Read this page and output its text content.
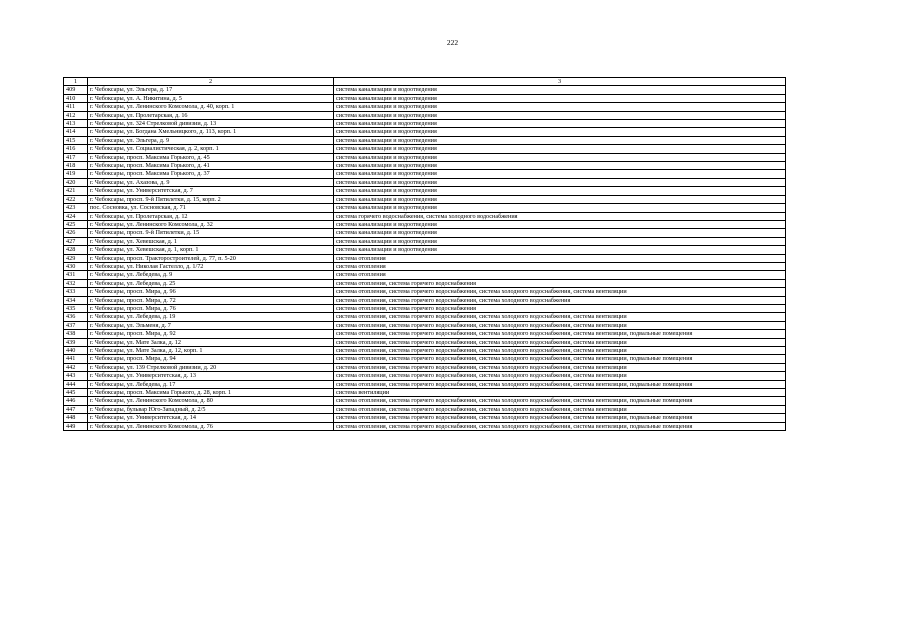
222
1	2	3
409	г. Чебоксары, ул. Эльгера, д. 17	система канализации и водоотведения
410	г. Чебоксары, ул. А. Никитина, д. 5	система канализации и водоотведения
411	г. Чебоксары, ул. Ленинского Комсомола, д. 40, корп. 1	система канализации и водоотведения
412	г. Чебоксары, ул. Пролетарская, д. 16	система канализации и водоотведения
413	г. Чебоксары, ул. 324 Стрелковой дивизии, д. 13	система канализации и водоотведения
414	г. Чебоксары, ул. Богдана Хмельницкого, д. 113, корп. 1	система канализации и водоотведения
415	г. Чебоксары, ул. Эльгера, д. 9	система канализации и водоотведения
416	г. Чебоксары, ул. Социалистическая, д. 2, корп. 1	система канализации и водоотведения
417	г. Чебоксары, просп. Максима Горького, д. 45	система канализации и водоотведения
418	г. Чебоксары, просп. Максима Горького, д. 41	система канализации и водоотведения
419	г. Чебоксары, просп. Максима Горького, д. 37	система канализации и водоотведения
420	г. Чебоксары, ул. Ахазова, д. 9	система канализации и водоотведения
421	г. Чебоксары, ул. Университетская, д. 7	система канализации и водоотведения
422	г. Чебоксары, просп. 9-й Пятилетки, д. 15, корп. 2	система канализации и водоотведения
423	пос. Сосновка, ул. Сосновская, д. 71	система канализации и водоотведения
424	г. Чебоксары, ул. Пролетарская, д. 12	система горячего водоснабжения, система холодного водоснабжения
425	г. Чебоксары, ул. Ленинского Комсомола, д. 32	система канализации и водоотведения
426	г. Чебоксары, просп. 9-й Пятилетки, д. 15	система канализации и водоотведения
427	г. Чебоксары, ул. Хевешская, д. 1	система канализации и водоотведения
428	г. Чебоксары, ул. Хевешская, д. 1, корп. 1	система канализации и водоотведения
429	г. Чебоксары, просп. Тракторостроителей, д. 77, п. 5-20	система отопления
430	г. Чебоксары, ул. Николая Гастелло, д. 1/72	система отопления
431	г. Чебоксары, ул. Лебедева, д. 9	система отопления
432	г. Чебоксары, ул. Лебедева, д. 25	система отопления, система горячего водоснабжения
433	г. Чебоксары, просп. Мира, д. 96	система отопления, система горячего водоснабжения, система холодного водоснабжения, система вентиляции
434	г. Чебоксары, просп. Мира, д. 72	система отопления, система горячего водоснабжения, система холодного водоснабжения
435	г. Чебоксары, просп. Мира, д. 76	система отопления, система горячего водоснабжения
436	г. Чебоксары, ул. Лебедева, д. 19	система отопления, система горячего водоснабжения, система холодного водоснабжения, система вентиляции
437	г. Чебоксары, ул. Эльменя, д. 7	система отопления, система горячего водоснабжения, система холодного водоснабжения, система вентиляции
438	г. Чебоксары, просп. Мира, д. 92	система отопления, система горячего водоснабжения, система холодного водоснабжения, система вентиляции, подвальные помещения
439	г. Чебоксары, ул. Мате Залка, д. 12	система отопления, система горячего водоснабжения, система холодного водоснабжения, система вентиляции
440	г. Чебоксары, ул. Мате Залка, д. 12, корп. 1	система отопления, система горячего водоснабжения, система холодного водоснабжения, система вентиляции
441	г. Чебоксары, просп. Мира, д. 94	система отопления, система горячего водоснабжения, система холодного водоснабжения, система вентиляции, подвальные помещения
442	г. Чебоксары, ул. 139 Стрелковой дивизии, д. 20	система отопления, система горячего водоснабжения, система холодного водоснабжения, система вентиляции
443	г. Чебоксары, ул. Университетская, д. 13	система отопления, система горячего водоснабжения, система холодного водоснабжения, система вентиляции
444	г. Чебоксары, ул. Лебедева, д. 17	система отопления, система горячего водоснабжения, система холодного водоснабжения, система вентиляции, подвальные помещения
445	г. Чебоксары, просп. Максима Горького, д. 28, корп. 1	система вентиляции
446	г. Чебоксары, ул. Ленинского Комсомола, д. 80	система отопления, система горячего водоснабжения, система холодного водоснабжения, система вентиляции, подвальные помещения
447	г. Чебоксары, бульвар Юго-Западный, д. 2/5	система отопления, система горячего водоснабжения, система холодного водоснабжения, система вентиляции
448	г. Чебоксары, ул. Университетская, д. 14	система отопления, система горячего водоснабжения, система холодного водоснабжения, система вентиляции, подвальные помещения
449	г. Чебоксары, ул. Ленинского Комсомола, д. 76	система отопления, система горячего водоснабжения, система холодного водоснабжения, система вентиляции, подвальные помещения
